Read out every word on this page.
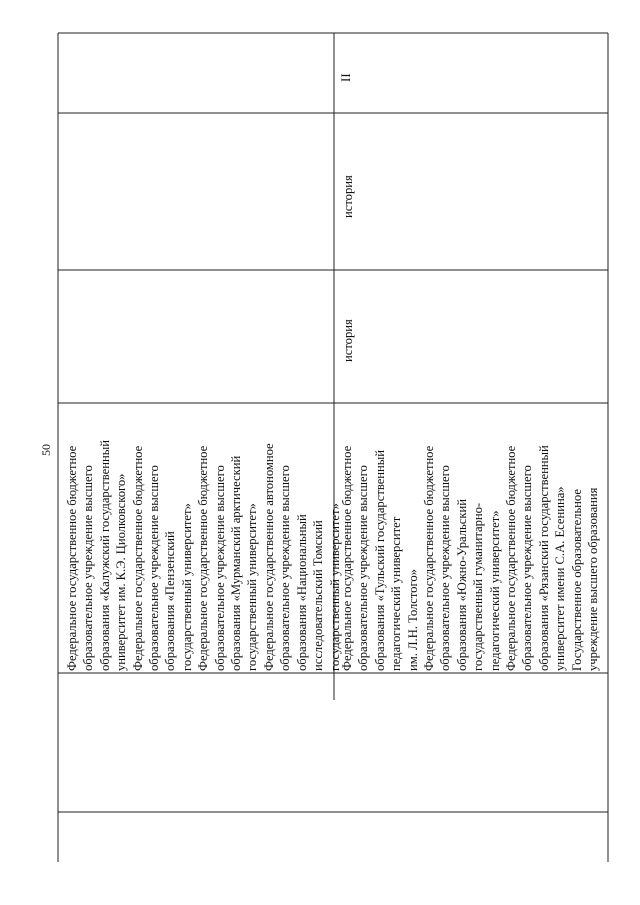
50 Федеральное государственное бюджетное образовательное учреждение высшего образования «Калужский государственный университет им. К.Э. Циолковского» Федеральное государственное бюджетное образовательное учреждение высшего образования «Пензенский государственный университет» Федеральное государственное бюджетное образовательное учреждение высшего образования «Мурманский арктический государственный университет» Федеральное государственное автономное образовательное учреждение высшего образования «Национальный исследовательский Томский государственный университет»
Федеральное государственное бюджетное образовательное учреждение высшего образования «Тульский государственный педагогический университет им. Л.Н. Толстого» Федеральное государственное бюджетное образовательное учреждение высшего образования «Южно-Уральский государственный гуманитарно- педагогический университет» Федеральное государственное бюджетное образовательное учреждение высшего образования «Рязанский государственный университет имени С.А. Есенина» Государственное образовательное учреждение высшего образования
история
история
II
